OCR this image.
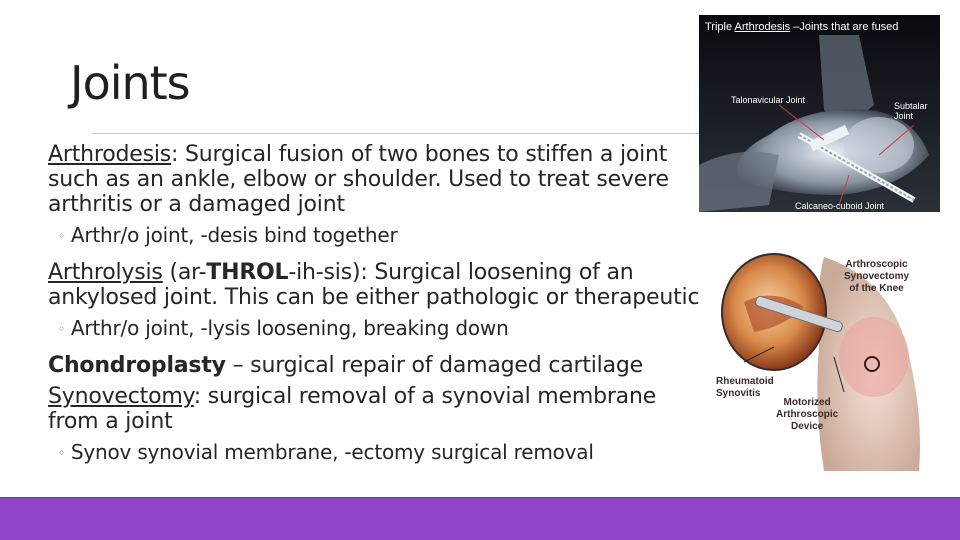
Joints

Arthrodesis: Surgical fusion of two bones to stiffen a joint such as an ankle, elbow or shoulder. Used to treat severe arthritis or a damaged joint

◦ Arthr/o joint, -desis bind together

Arthrolysis (ar-THROL-ih-sis): Surgical loosening of an ankylosed joint. This can be either pathologic or therapeutic

◦ Arthr/o joint, -lysis loosening, breaking down

Chondroplasty – surgical repair of damaged cartilage

Synovectomy: surgical removal of a synovial membrane from a joint

◦ Synov synovial membrane, -ectomy surgical removal

Triple Arthrodesis –Joints that are fused
Talonavicular Joint
Subtalar
Joint
Calcaneo-cuboid Joint
Arthroscopic
Synovectomy
of the Knee
Rheumatoid
Synovitis
Motorized
Arthroscopic
Device
